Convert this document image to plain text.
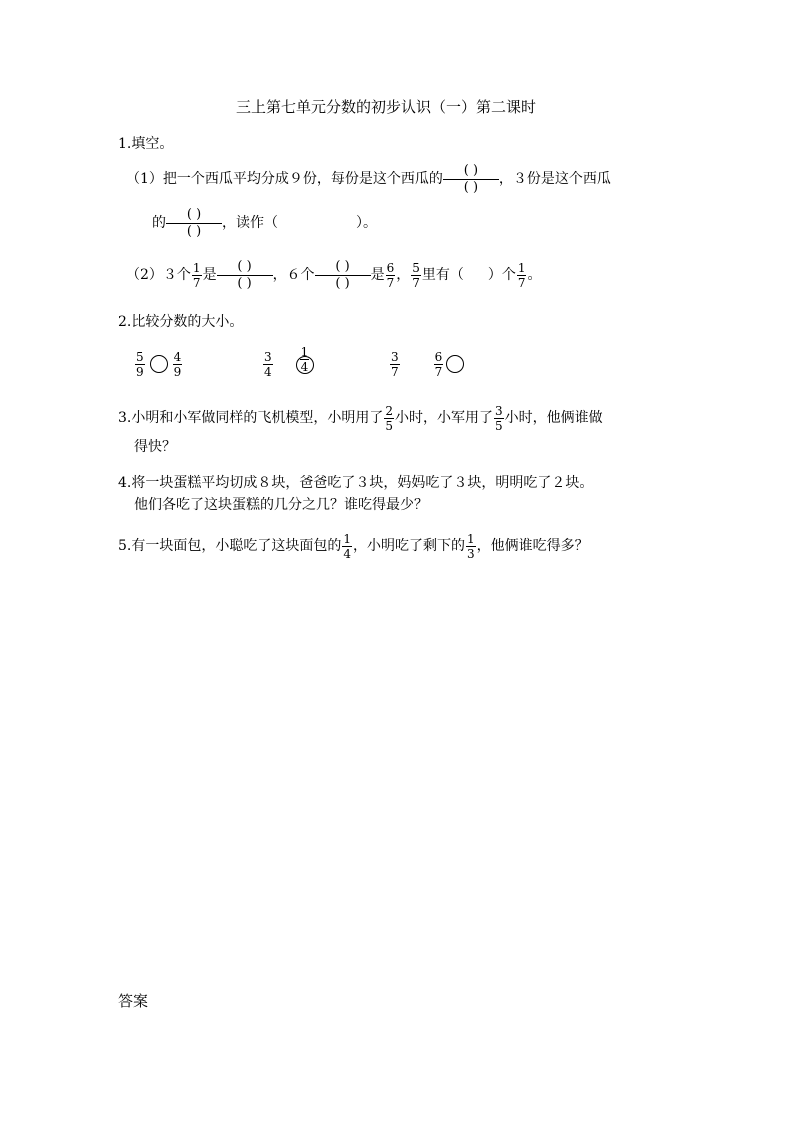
三上第七单元分数的初步认识（一）第二课时
1.填空。
（1）把一个西瓜平均分成９份，每份是这个西瓜的 $\frac{( )}{( )}$ ，３份是这个西瓜
的 $\frac{( )}{( )}$ ，读作（	）。
（2）３个 $\frac{1}{7}$ 是 $\frac{( )}{( )}$ ，６个 $\frac{( )}{( )}$ 是 $\frac{6}{7}$ ， $\frac{5}{7}$ 里有（ ）个 $\frac{1}{7}$ 。
2.比较分数的大小。
$\frac{5}{9} \frac{4}{9}$	$\frac{3}{4} \frac{1}{4}$	$\frac{3}{7}$	$\frac{6}{7}$
3.小明和小军做同样的飞机模型，小明用了 $\frac{2}{5}$ 小时，小军用了 $\frac{3}{5}$ 小时，他俩谁做
得快？
4.将一块蛋糕平均切成８块，爸爸吃了３块，妈妈吃了３块，明明吃了２块。
他们各吃了这块蛋糕的几分之几？谁吃得最少？
5.有一块面包，小聪吃了这块面包的 $\frac{1}{4}$ ，小明吃了剩下的 $\frac{1}{3}$ ，他俩谁吃得多？
答案
